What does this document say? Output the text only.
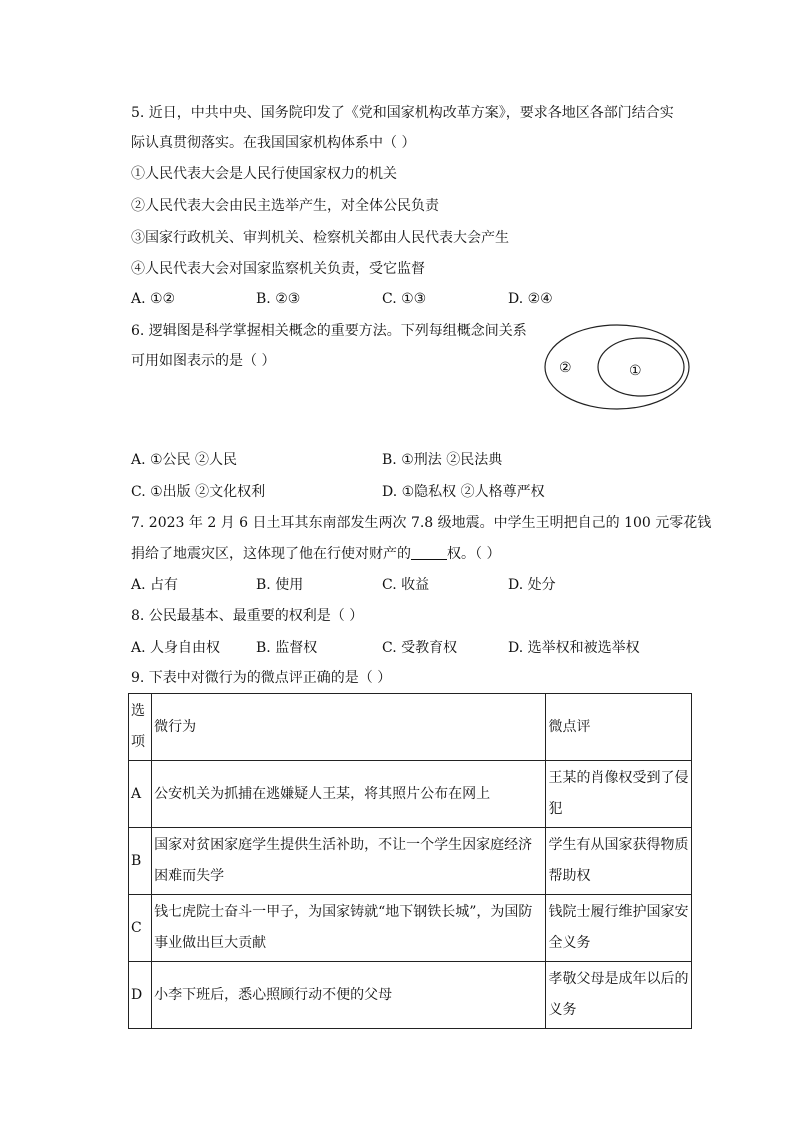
5. 近日，中共中央、国务院印发了《党和国家机构改革方案》，要求各地区各部门结合实
际认真贯彻落实。在我国国家机构体系中（ ）
①人民代表大会是人民行使国家权力的机关
②人民代表大会由民主选举产生，对全体公民负责
③国家行政机关、审判机关、检察机关都由人民代表大会产生
④人民代表大会对国家监察机关负责，受它监督
A. ①②	B. ②③	C. ①③	D. ②④
6. 逻辑图是科学掌握相关概念的重要方法。下列每组概念间关系
可用如图表示的是（ ）	②	①
A. ①公民 ②人民	B. ①刑法 ②民法典
C. ①出版 ②文化权利	D. ①隐私权 ②人格尊严权
7. 2023 年 2 月 6 日土耳其东南部发生两次 7.8 级地震。中学生王明把自己的 100 元零花钱
捐给了地震灾区，这体现了他在行使对财产的	权。（ ）
A. 占有	B. 使用	C. 收益	D. 处分
8. 公民最基本、最重要的权利是（ ）
A. 人身自由权	B. 监督权	C. 受教育权	D. 选举权和被选举权
9. 下表中对微行为的微点评正确的是（ ）
选项	微行为	微点评
A	公安机关为抓捕在逃嫌疑人王某，将其照片公布在网上	王某的肖像权受到了侵犯
B	国家对贫困家庭学生提供生活补助，不让一个学生因家庭经济困难而失学	学生有从国家获得物质帮助权
C	钱七虎院士奋斗一甲子，为国家铸就“地下钢铁长城”，为国防事业做出巨大贡献	钱院士履行维护国家安全义务
D	小李下班后，悉心照顾行动不便的父母	孝敬父母是成年以后的义务
